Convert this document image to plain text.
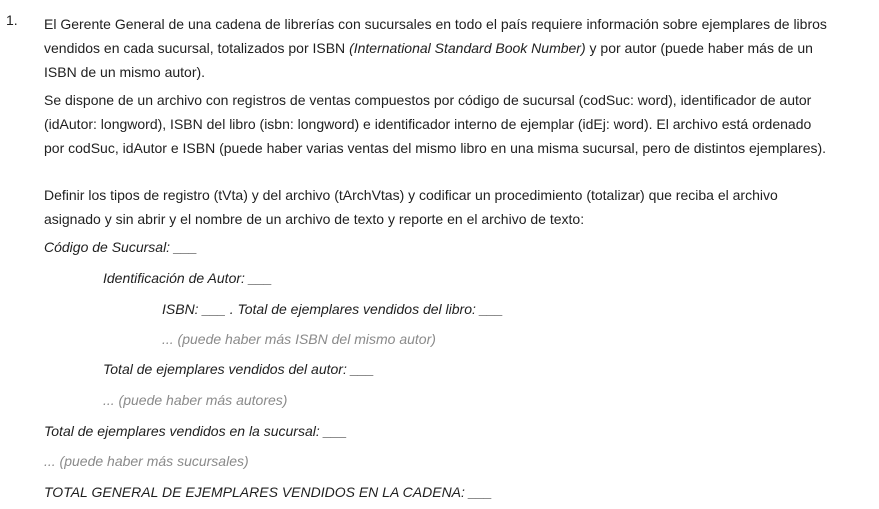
1. El Gerente General de una cadena de librerías con sucursales en todo el país requiere información sobre ejemplares de libros vendidos en cada sucursal, totalizados por ISBN (International Standard Book Number) y por autor (puede haber más de un ISBN de un mismo autor).

Se dispone de un archivo con registros de ventas compuestos por código de sucursal (codSuc: word), identificador de autor (idAutor: longword), ISBN del libro (isbn: longword) e identificador interno de ejemplar (idEj: word). El archivo está ordenado por codSuc, idAutor e ISBN (puede haber varias ventas del mismo libro en una misma sucursal, pero de distintos ejemplares).

Definir los tipos de registro (tVta) y del archivo (tArchVtas) y codificar un procedimiento (totalizar) que reciba el archivo asignado y sin abrir y el nombre de un archivo de texto y reporte en el archivo de texto:

Código de Sucursal: ___
Identificación de Autor: ___
ISBN: ___ . Total de ejemplares vendidos del libro: ___
... (puede haber más ISBN del mismo autor)
Total de ejemplares vendidos del autor: ___
... (puede haber más autores)
Total de ejemplares vendidos en la sucursal: ___
... (puede haber más sucursales)
TOTAL GENERAL DE EJEMPLARES VENDIDOS EN LA CADENA: ___
